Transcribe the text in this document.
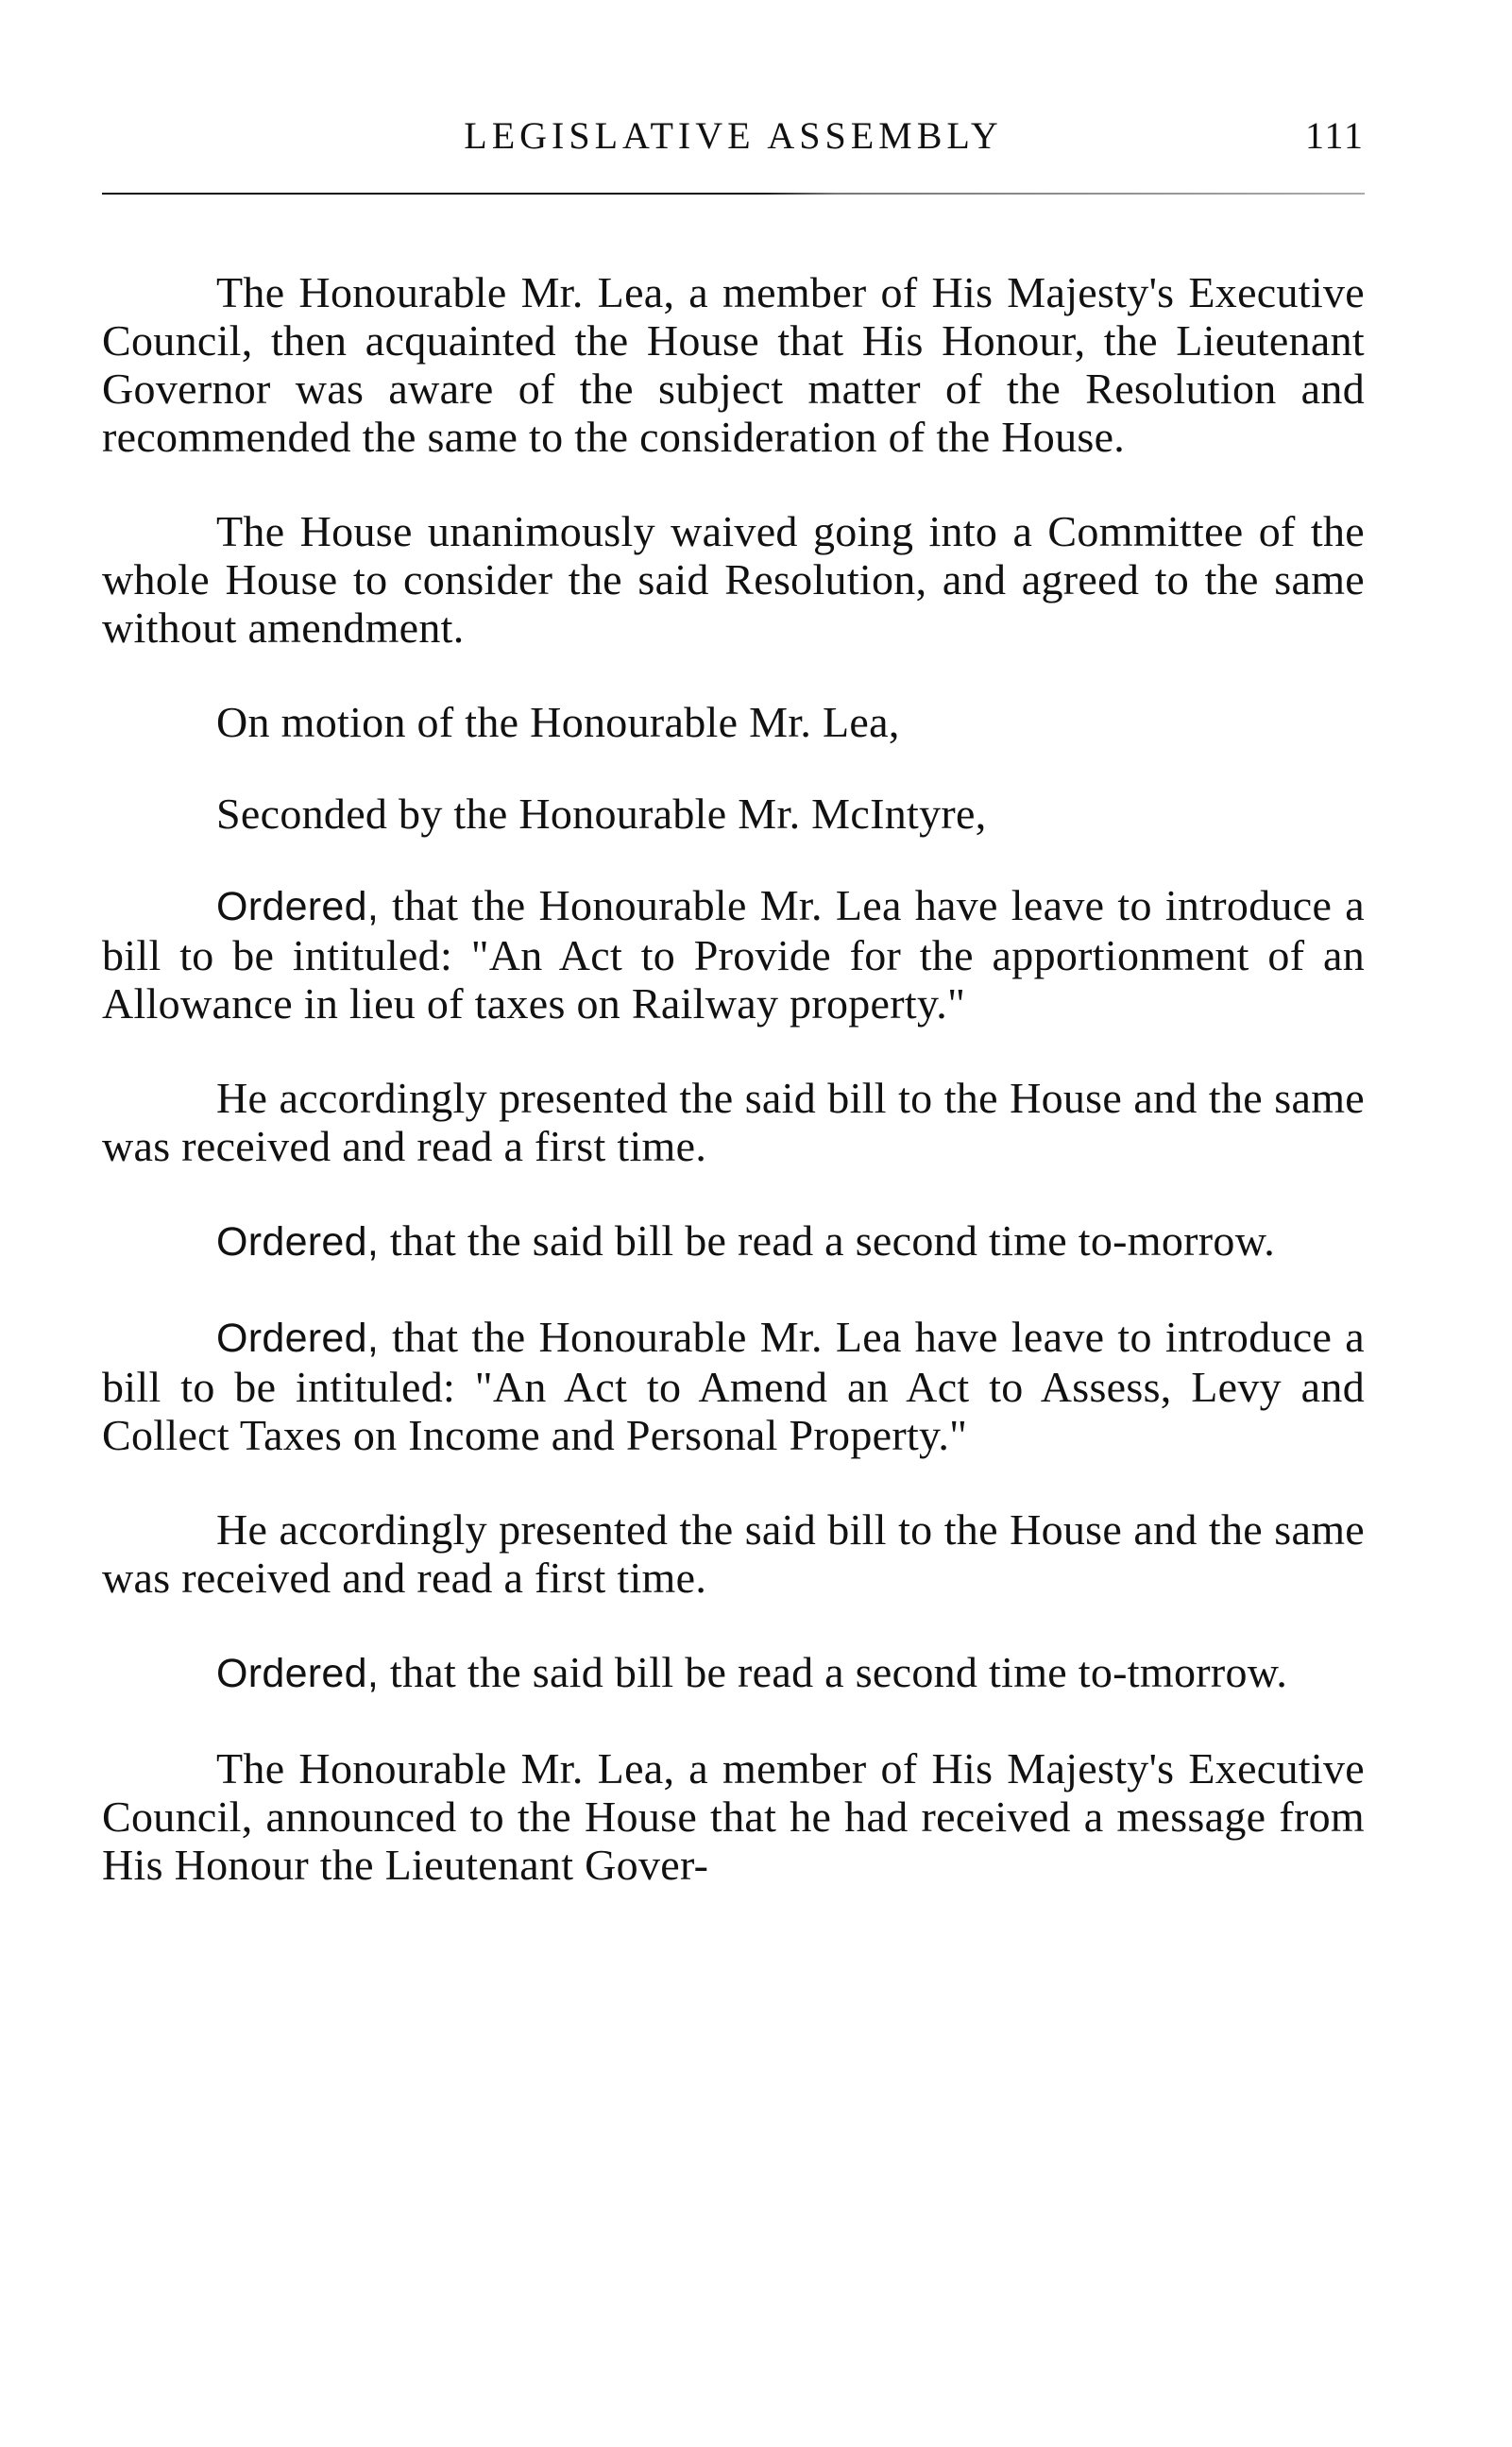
LEGISLATIVE ASSEMBLY	111

The Honourable Mr. Lea, a member of His Majesty's Executive Council, then acquainted the House that His Honour, the Lieutenant Governor was aware of the subject matter of the Resolution and recommended the same to the consideration of the House.

The House unanimously waived going into a Committee of the whole House to consider the said Resolution, and agreed to the same without amendment.

On motion of the Honourable Mr. Lea,

Seconded by the Honourable Mr. McIntyre,

Ordered, that the Honourable Mr. Lea have leave to introduce a bill to be intituled: "An Act to Provide for the apportionment of an Allowance in lieu of taxes on Railway property."

He accordingly presented the said bill to the House and the same was received and read a first time.

Ordered, that the said bill be read a second time to-morrow.

Ordered, that the Honourable Mr. Lea have leave to introduce a bill to be intituled: "An Act to Amend an Act to Assess, Levy and Collect Taxes on Income and Personal Property."

He accordingly presented the said bill to the House and the same was received and read a first time.

Ordered, that the said bill be read a second time to-tmorrow.

The Honourable Mr. Lea, a member of His Majesty's Executive Council, announced to the House that he had received a message from His Honour the Lieutenant Gover-
